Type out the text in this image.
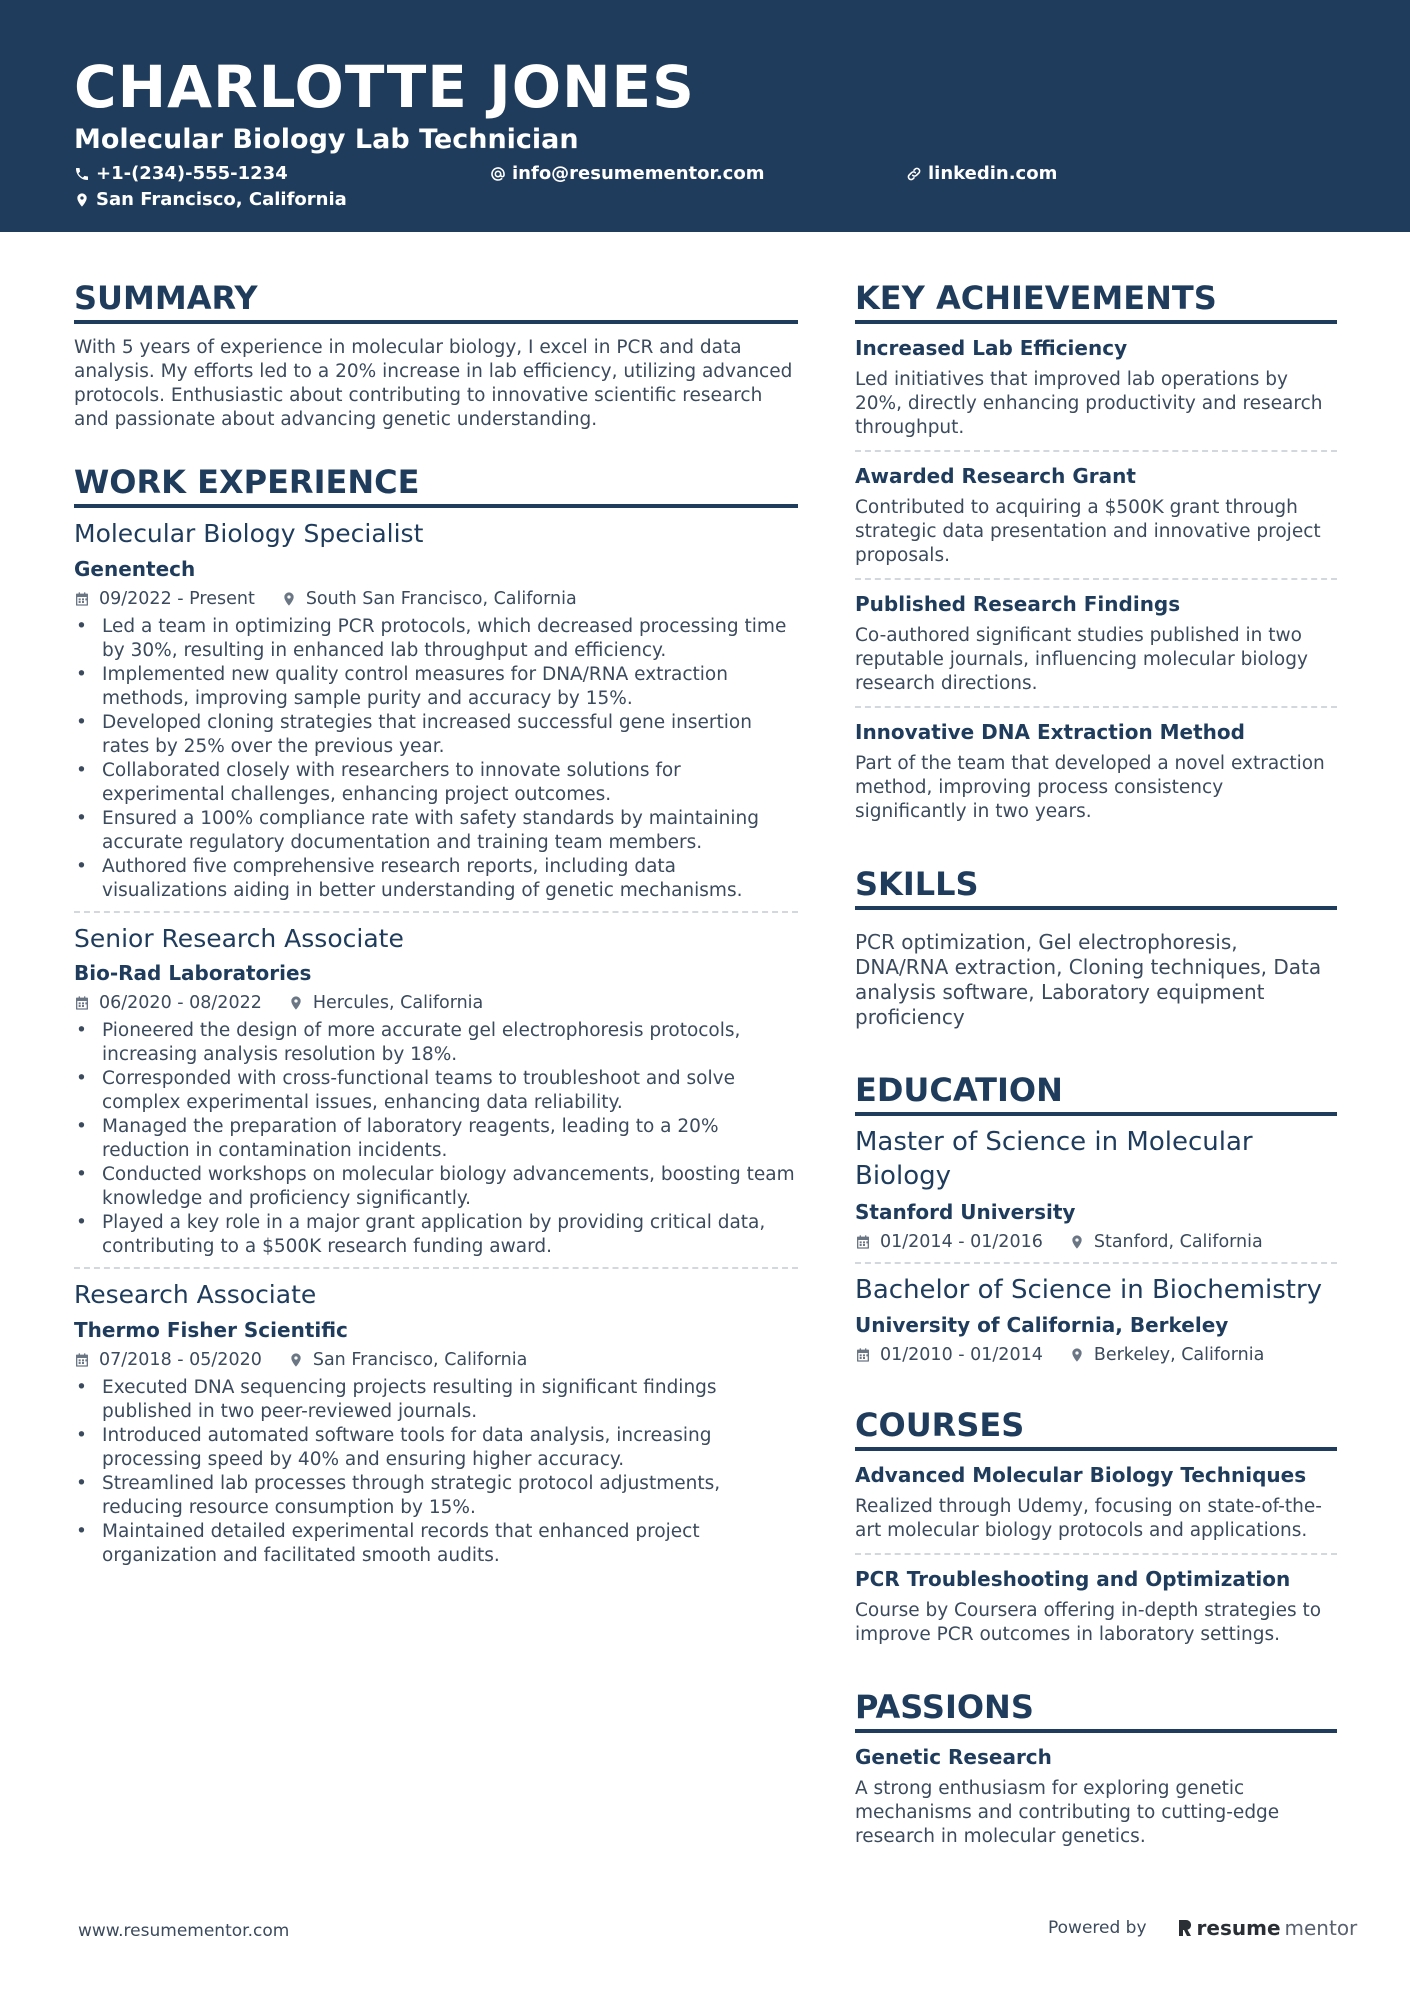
CHARLOTTE JONES
Molecular Biology Lab Technician
+1-(234)-555-1234	info@resumementor.com	linkedin.com
San Francisco, California
SUMMARY

With 5 years of experience in molecular biology, I excel in PCR and data analysis. My efforts led to a 20% increase in lab efficiency, utilizing advanced protocols. Enthusiastic about contributing to innovative scientific research and passionate about advancing genetic understanding.

WORK EXPERIENCE
Molecular Biology Specialist
Genentech
09/2022 - Present	South San Francisco, California
• Led a team in optimizing PCR protocols, which decreased processing time by 30%, resulting in enhanced lab throughput and efficiency.
• Implemented new quality control measures for DNA/RNA extraction methods, improving sample purity and accuracy by 15%.
• Developed cloning strategies that increased successful gene insertion rates by 25% over the previous year.
• Collaborated closely with researchers to innovate solutions for experimental challenges, enhancing project outcomes.
• Ensured a 100% compliance rate with safety standards by maintaining accurate regulatory documentation and training team members.
• Authored five comprehensive research reports, including data visualizations aiding in better understanding of genetic mechanisms.
Senior Research Associate
Bio-Rad Laboratories
06/2020 - 08/2022	Hercules, California
• Pioneered the design of more accurate gel electrophoresis protocols, increasing analysis resolution by 18%.
• Corresponded with cross-functional teams to troubleshoot and solve complex experimental issues, enhancing data reliability.
• Managed the preparation of laboratory reagents, leading to a 20% reduction in contamination incidents.
• Conducted workshops on molecular biology advancements, boosting team knowledge and proficiency significantly.
• Played a key role in a major grant application by providing critical data, contributing to a $500K research funding award.
Research Associate
Thermo Fisher Scientific
07/2018 - 05/2020	San Francisco, California
• Executed DNA sequencing projects resulting in significant findings published in two peer-reviewed journals.
• Introduced automated software tools for data analysis, increasing processing speed by 40% and ensuring higher accuracy.
• Streamlined lab processes through strategic protocol adjustments, reducing resource consumption by 15%.
• Maintained detailed experimental records that enhanced project organization and facilitated smooth audits.
KEY ACHIEVEMENTS
Increased Lab Efficiency
Led initiatives that improved lab operations by 20%, directly enhancing productivity and research throughput.
Awarded Research Grant
Contributed to acquiring a $500K grant through strategic data presentation and innovative project proposals.
Published Research Findings
Co-authored significant studies published in two reputable journals, influencing molecular biology research directions.
Innovative DNA Extraction Method
Part of the team that developed a novel extraction method, improving process consistency significantly in two years.
SKILLS
PCR optimization, Gel electrophoresis, DNA/RNA extraction, Cloning techniques, Data analysis software, Laboratory equipment proficiency
EDUCATION
Master of Science in Molecular Biology
Stanford University
01/2014 - 01/2016	Stanford, California
Bachelor of Science in Biochemistry
University of California, Berkeley
01/2010 - 01/2014	Berkeley, California
COURSES
Advanced Molecular Biology Techniques
Realized through Udemy, focusing on state-of-the-art molecular biology protocols and applications.
PCR Troubleshooting and Optimization
Course by Coursera offering in-depth strategies to improve PCR outcomes in laboratory settings.
PASSIONS
Genetic Research
A strong enthusiasm for exploring genetic mechanisms and contributing to cutting-edge research in molecular genetics.
www.resumementor.com	Powered by	resume mentor
